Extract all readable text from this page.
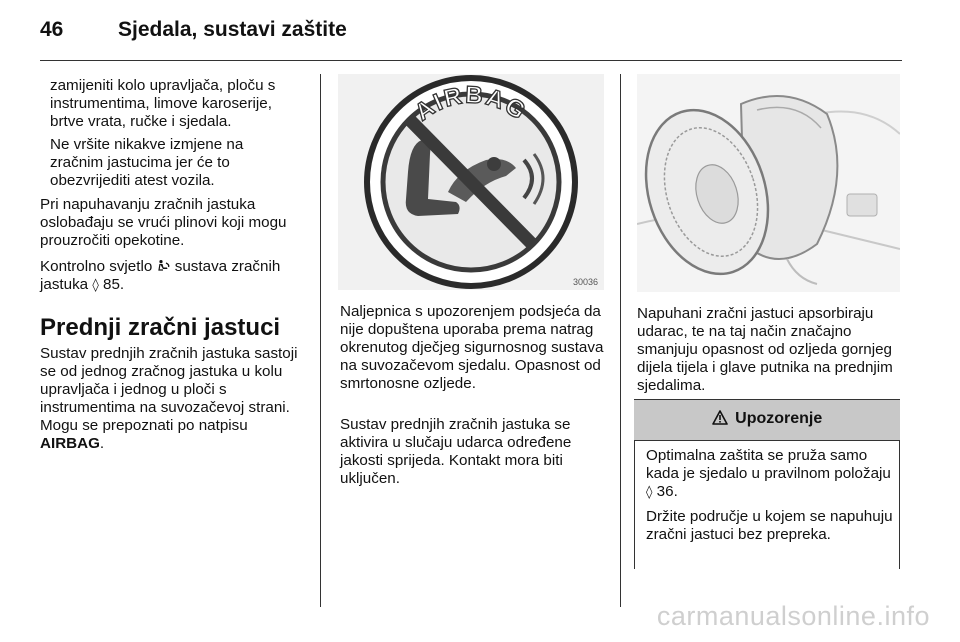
46	Sjedala, sustavi zaštite

zamijeniti kolo upravljača, ploču s instrumentima, limove karoserije, brtve vrata, ručke i sjedala.

Ne vršite nikakve izmjene na zračnim jastucima jer će to obezvrijediti atest vozila.

Pri napuhavanju zračnih jastuka oslobađaju se vrući plinovi koji mogu prouzročiti opekotine.

Kontrolno svjetlo sustava zračnih jastuka ◊ 85.

Prednji zračni jastuci

Sustav prednjih zračnih jastuka sastoji se od jednog zračnog jastuka u kolu upravljača i jednog u ploči s instrumentima na suvozačevoj strani. Mogu se prepoznati po natpisu AIRBAG.

AIRBAG
30036

Naljepnica s upozorenjem podsjeća da nije dopuštena uporaba prema natrag okrenutog dječjeg sigurnosnog sustava na suvozačevom sjedalu. Opasnost od smrtonosne ozljede.

Sustav prednjih zračnih jastuka se aktivira u slučaju udarca određene jakosti sprijeda. Kontakt mora biti uključen.

Napuhani zračni jastuci apsorbiraju udarac, te na taj način značajno smanjuju opasnost od ozljeda gornjeg dijela tijela i glave putnika na prednjim sjedalima.

Upozorenje

Optimalna zaštita se pruža samo kada je sjedalo u pravilnom položaju ◊ 36.

Držite područje u kojem se napuhuju zračni jastuci bez prepreka.

carmanualsonline.info
